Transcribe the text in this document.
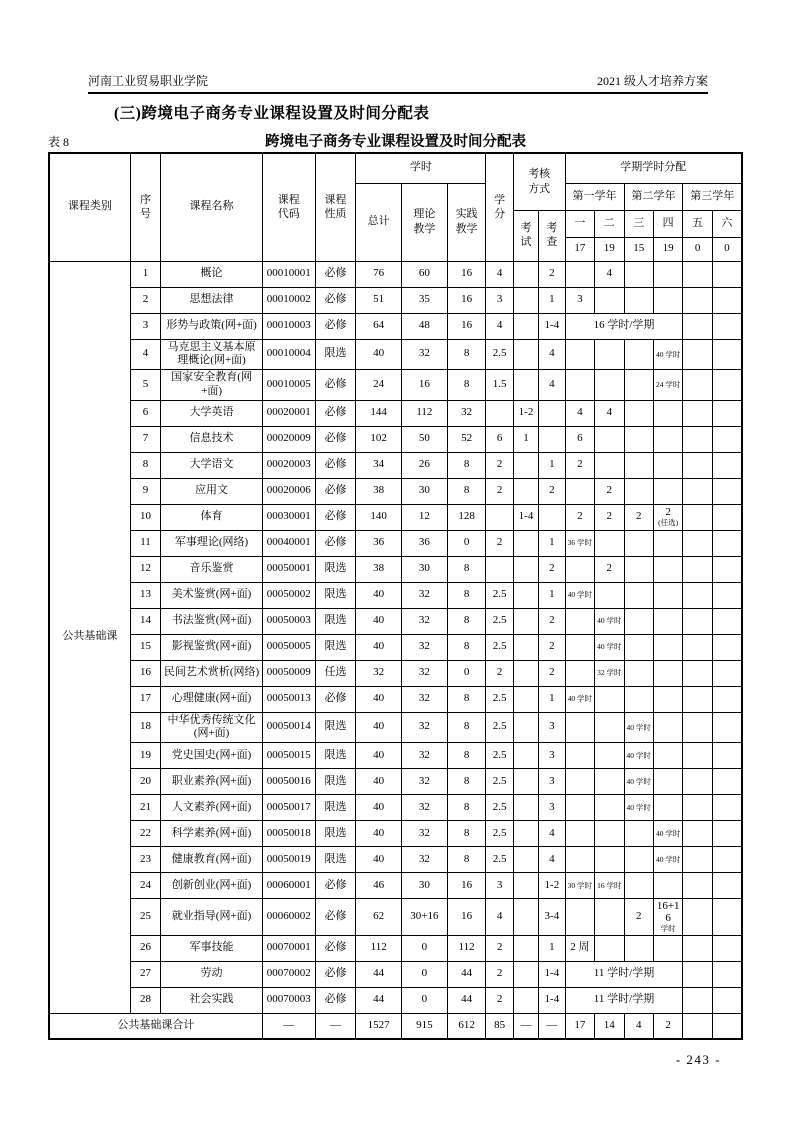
河南工业贸易职业学院	2021 级人才培养方案
(三)跨境电子商务专业课程设置及时间分配表
表 8	跨境电子商务专业课程设置及时间分配表
课程类别	序号	课程名称	课程代码	课程性质	学时			学分	考核方式		学期学时分配					
					总计	理论教学	实践教学				第一学年		第二学年		第三学年	
									考试	考查	一	二	三	四	五	六
											17	19	15	19	0	0
公共基础课	1	概论	00010001	必修	76	60	16	4		2		4				
	2	思想法律	00010002	必修	51	35	16	3		1	3					
	3	形势与政策(网+面)	00010003	必修	64	48	16	4		1-4	16 学时/学期					
	4	马克思主义基本原理概论(网+面)	00010004	限选	40	32	8	2.5		4				40 学时		

	5	国家安全教育(网+面)	00010005	必修	24	16	8	1.5		4				24 学时		

	6	大学英语	00020001	必修	144	112	32		1-2		4	4				
	7	信息技术	00020009	必修	102	50	52	6	1		6					
	8	大学语文	00020003	必修	34	26	8	2		1	2					
	9	应用文	00020006	必修	38	30	8	2		2		2				
	10	体育	00030001	必修	140	12	128		1-4		2	2	2	2
(任选)		

	11	军事理论(网络)	00040001	必修	36	36	0	2		1	36 学时					

	12	音乐鉴赏	00050001	限选	38	30	8			2		2				
	13	美术鉴赏(网+面)	00050002	限选	40	32	8	2.5		1	40 学时					

	14	书法鉴赏(网+面)	00050003	限选	40	32	8	2.5		2		40 学时				

	15	影视鉴赏(网+面)	00050005	限选	40	32	8	2.5		2		40 学时				

	16	民间艺术赏析(网络)	00050009	任选	32	32	0	2		2		32 学时				

	17	心理健康(网+面)	00050013	必修	40	32	8	2.5		1	40 学时					

	18	中华优秀传统文化(网+面)	00050014	限选	40	32	8	2.5		3			40 学时			

	19	党史国史(网+面)	00050015	限选	40	32	8	2.5		3			40 学时			

	20	职业素养(网+面)	00050016	限选	40	32	8	2.5		3			40 学时			

	21	人文素养(网+面)	00050017	限选	40	32	8	2.5		3			40 学时			

	22	科学素养(网+面)	00050018	限选	40	32	8	2.5		4				40 学时		

	23	健康教育(网+面)	00050019	限选	40	32	8	2.5		4				40 学时		

	24	创新创业(网+面)	00060001	必修	46	30	16	3		1-2	30 学时	16 学时				

	25	就业指导(网+面)	00060002	必修	62	30+16	16	4		3-4			2	16+16
学时		

	26	军事技能	00070001	必修	112	0	112	2		1	2 周					
	27	劳动	00070002	必修	44	0	44	2		1-4	11 学时/学期					
	28	社会实践	00070003	必修	44	0	44	2		1-4	11 学时/学期					
公共基础课合计			—	—	1527	915	612	85	—	—	17	14	4	2		
- 243 -
